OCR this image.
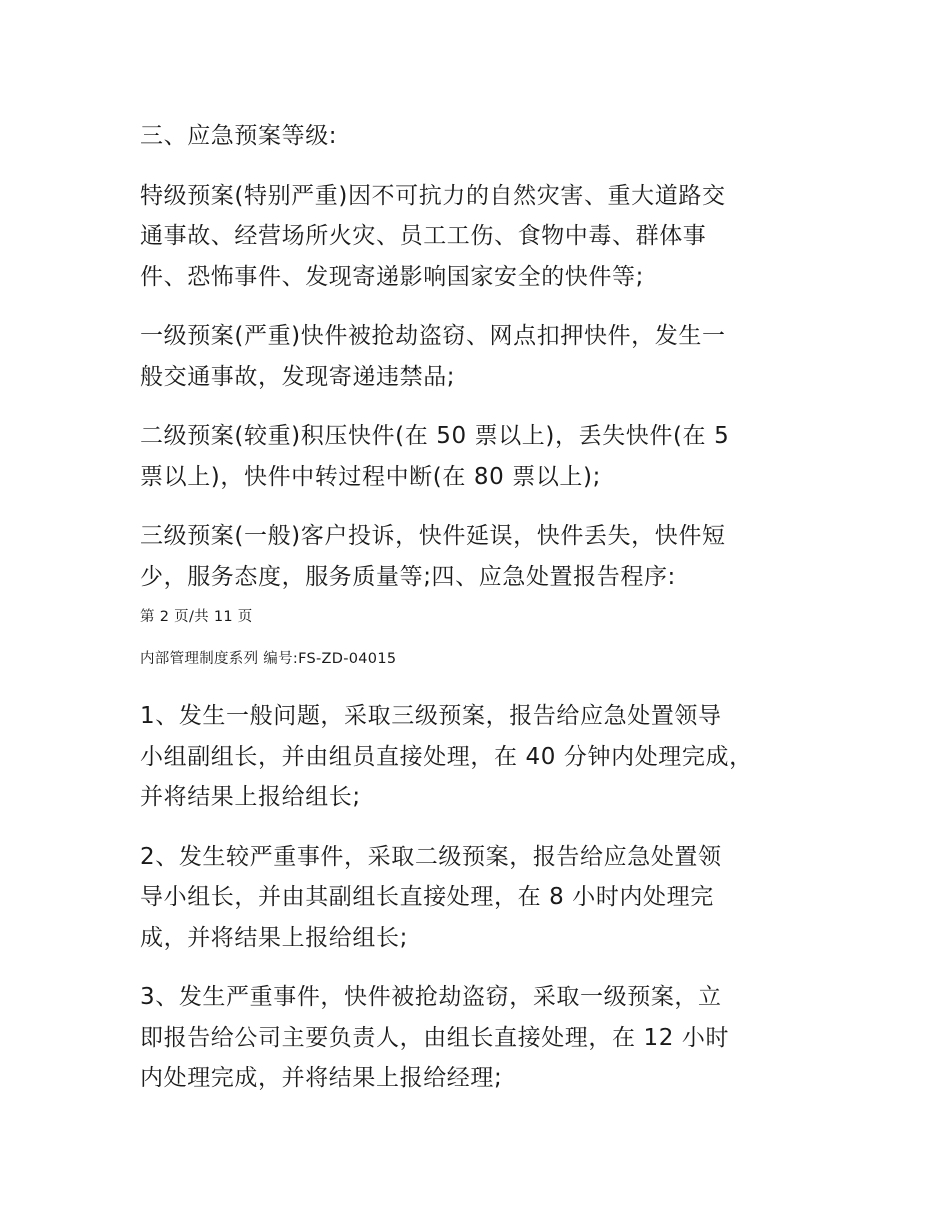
三、应急预案等级:

特级预案(特别严重)因不可抗力的自然灾害、重大道路交
通事故、经营场所火灾、员工工伤、食物中毒、群体事
件、恐怖事件、发现寄递影响国家安全的快件等;

一级预案(严重)快件被抢劫盗窃、网点扣押快件，发生一
般交通事故，发现寄递违禁品;

二级预案(较重)积压快件(在 50 票以上)，丢失快件(在 5
票以上)，快件中转过程中断(在 80 票以上);

三级预案(一般)客户投诉，快件延误，快件丢失，快件短
少，服务态度，服务质量等;四、应急处置报告程序:

第 2 页/共 11 页

内部管理制度系列 编号:FS-ZD-04015

1、发生一般问题，采取三级预案，报告给应急处置领导
小组副组长，并由组员直接处理，在 40 分钟内处理完成，
并将结果上报给组长;

2、发生较严重事件，采取二级预案，报告给应急处置领
导小组长，并由其副组长直接处理，在 8 小时内处理完
成，并将结果上报给组长;

3、发生严重事件，快件被抢劫盗窃，采取一级预案，立
即报告给公司主要负责人，由组长直接处理，在 12 小时
内处理完成，并将结果上报给经理;
